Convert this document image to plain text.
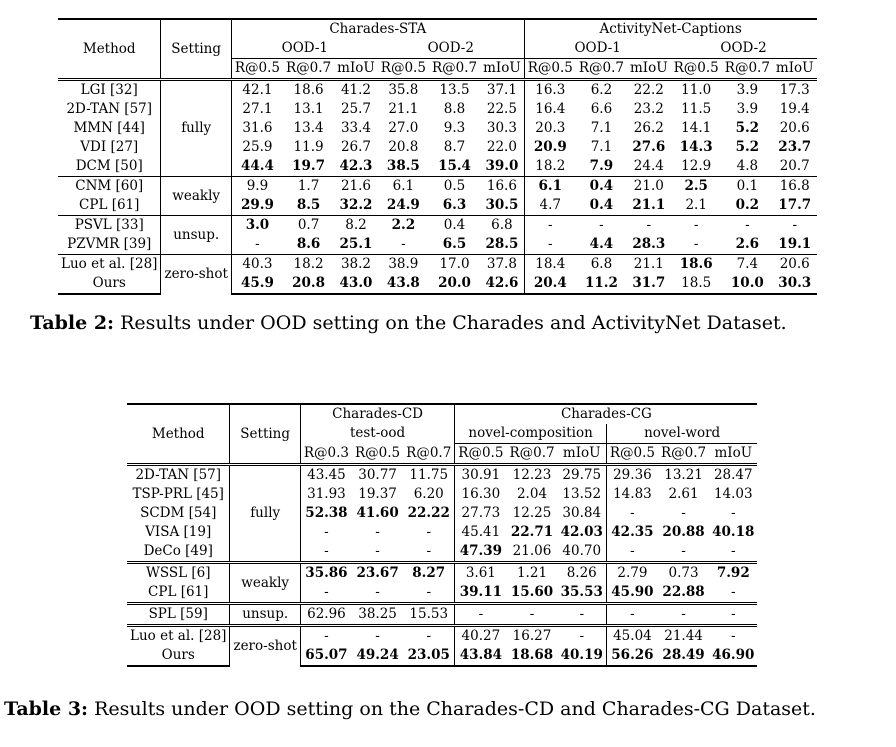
Method	Setting	Charades-STA						ActivityNet-Captions					
		OOD-1			OOD-2			OOD-1			OOD-2		
		R@0.5	R@0.7	mIoU	R@0.5	R@0.7	mIoU	R@0.5	R@0.7	mIoU	R@0.5	R@0.7	mIoU
LGI [32]	fully	42.1	18.6	41.2	35.8	13.5	37.1	16.3	6.2	22.2	11.0	3.9	17.3
2D-TAN [57]		27.1	13.1	25.7	21.1	8.8	22.5	16.4	6.6	23.2	11.5	3.9	19.4
MMN [44]		31.6	13.4	33.4	27.0	9.3	30.3	20.3	7.1	26.2	14.1	5.2	20.6
VDI [27]		25.9	11.9	26.7	20.8	8.7	22.0	20.9	7.1	27.6	14.3	5.2	23.7
DCM [50]		44.4	19.7	42.3	38.5	15.4	39.0	18.2	7.9	24.4	12.9	4.8	20.7
CNM [60]	weakly	9.9	1.7	21.6	6.1	0.5	16.6	6.1	0.4	21.0	2.5	0.1	16.8
CPL [61]		29.9	8.5	32.2	24.9	6.3	30.5	4.7	0.4	21.1	2.1	0.2	17.7
PSVL [33]	unsup.	3.0	0.7	8.2	2.2	0.4	6.8	-	-	-	-	-	-
PZVMR [39]		-	8.6	25.1	-	6.5	28.5	-	4.4	28.3	-	2.6	19.1
Luo et al. [28]	zero-shot	40.3	18.2	38.2	38.9	17.0	37.8	18.4	6.8	21.1	18.6	7.4	20.6
Ours		45.9	20.8	43.0	43.8	20.0	42.6	20.4	11.2	31.7	18.5	10.0	30.3
Table 2: Results under OOD setting on the Charades and ActivityNet Dataset.
Method	Setting	Charades-CD			Charades-CG					
		test-ood			novel-composition			novel-word		
		R@0.3	R@0.5	R@0.7	R@0.5	R@0.7	mIoU	R@0.5	R@0.7	mIoU
2D-TAN [57]	fully	43.45	30.77	11.75	30.91	12.23	29.75	29.36	13.21	28.47
TSP-PRL [45]		31.93	19.37	6.20	16.30	2.04	13.52	14.83	2.61	14.03
SCDM [54]		52.38	41.60	22.22	27.73	12.25	30.84	-	-	-
VISA [19]		-	-	-	45.41	22.71	42.03	42.35	20.88	40.18
DeCo [49]		-	-	-	47.39	21.06	40.70	-	-	-
WSSL [6]	weakly	35.86	23.67	8.27	3.61	1.21	8.26	2.79	0.73	7.92
CPL [61]		-	-	-	39.11	15.60	35.53	45.90	22.88	-
SPL [59]	unsup.	62.96	38.25	15.53	-	-	-	-	-	-
Luo et al. [28]	zero-shot	-	-	-	40.27	16.27	-	45.04	21.44	-
Ours		65.07	49.24	23.05	43.84	18.68	40.19	56.26	28.49	46.90
Table 3: Results under OOD setting on the Charades-CD and Charades-CG Dataset.
